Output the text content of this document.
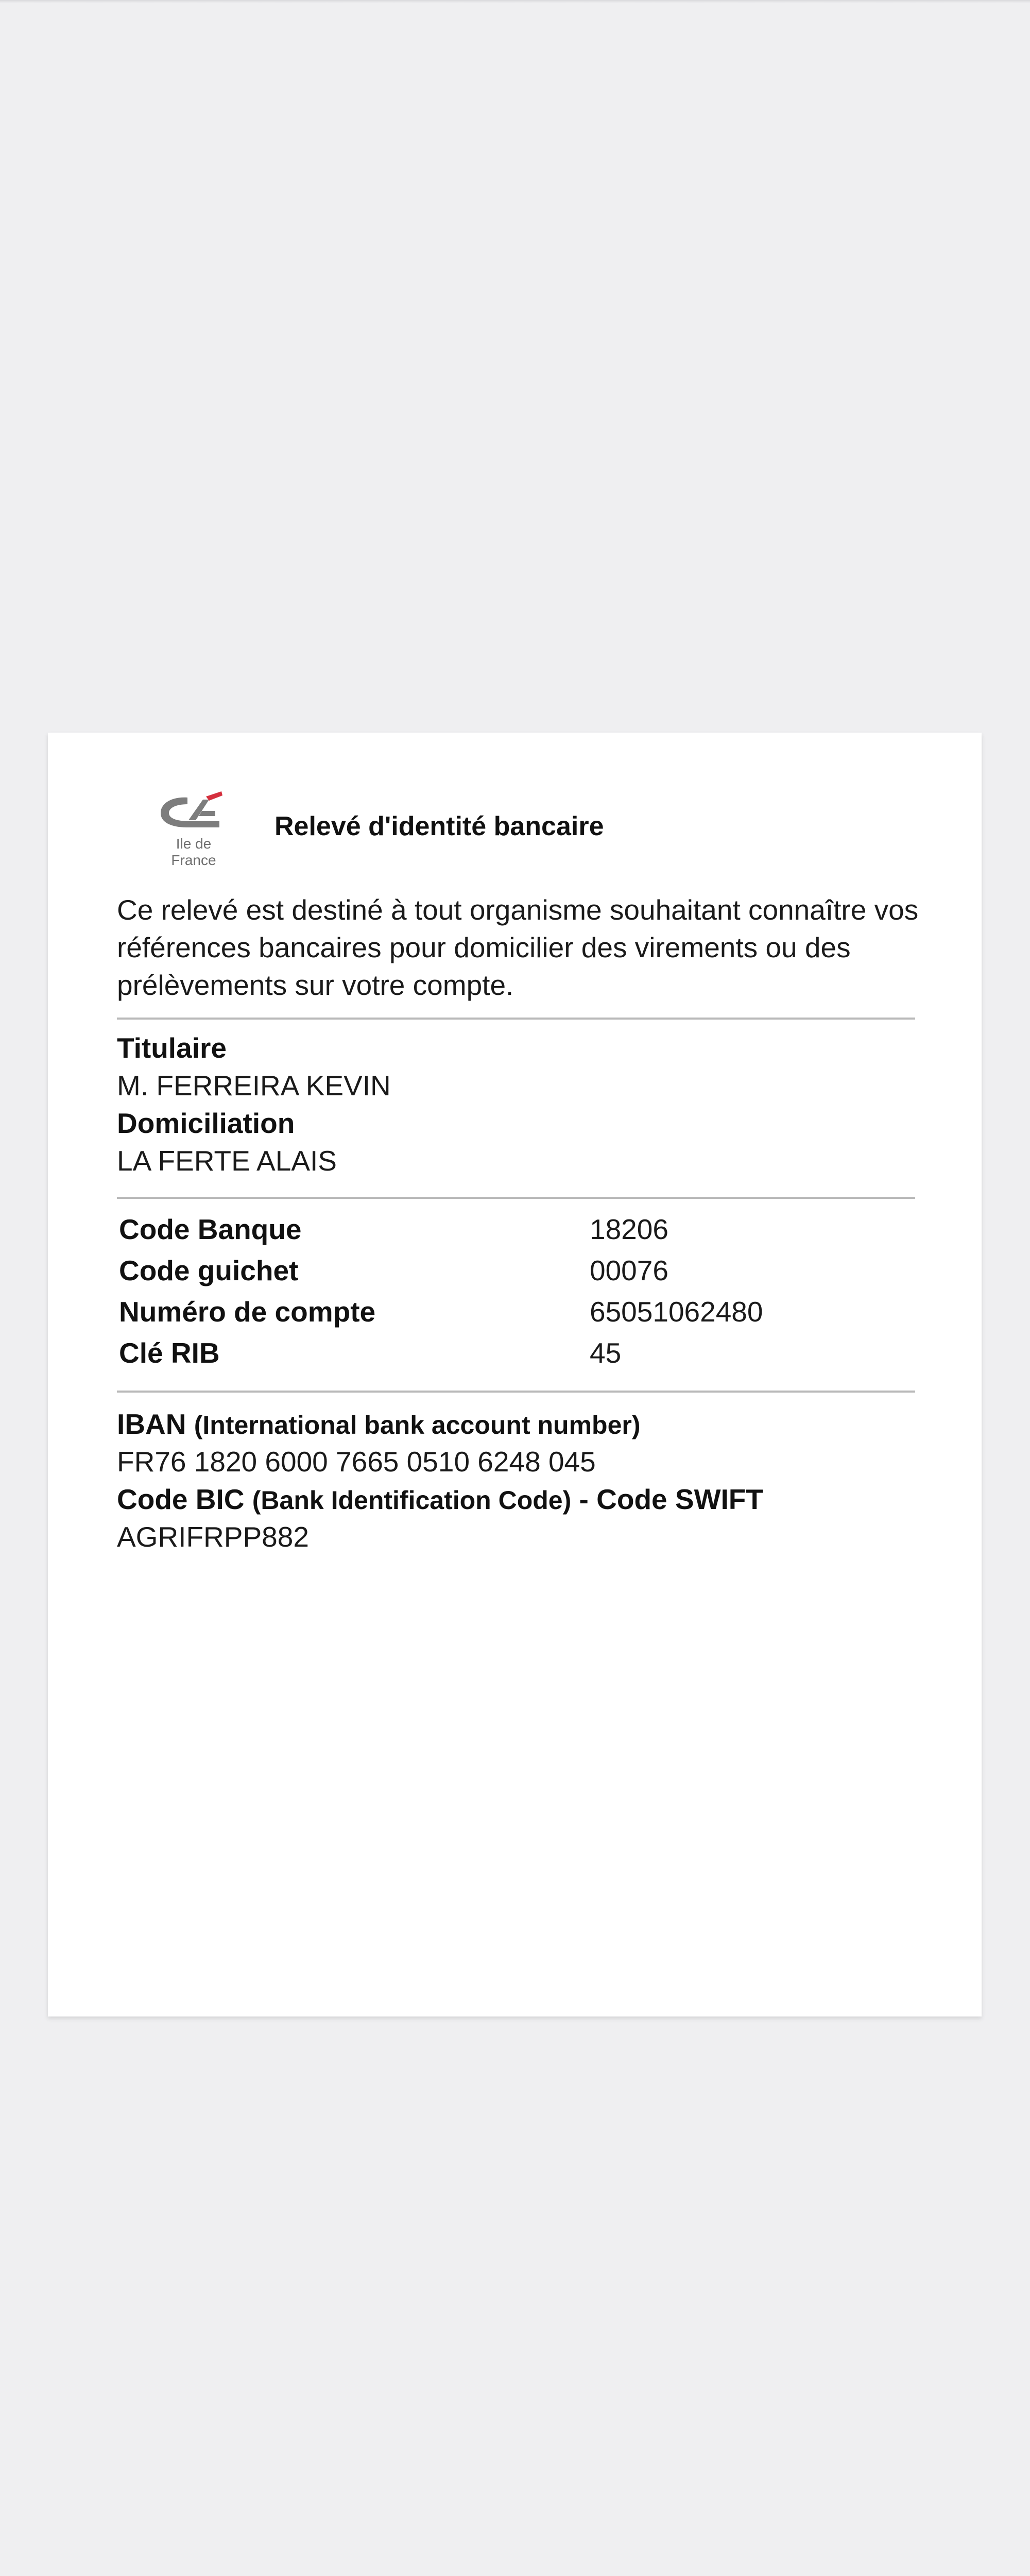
Ile de
France
Relevé d'identité bancaire
Ce relevé est destiné à tout organisme souhaitant connaître vos références bancaires pour domicilier des virements ou des prélèvements sur votre compte.
Titulaire
M. FERREIRA KEVIN
Domiciliation
LA FERTE ALAIS
Code Banque	18206
Code guichet	00076
Numéro de compte	65051062480
Clé RIB	45
IBAN (International bank account number)
FR76 1820 6000 7665 0510 6248 045
Code BIC (Bank Identification Code) - Code SWIFT
AGRIFRPP882
